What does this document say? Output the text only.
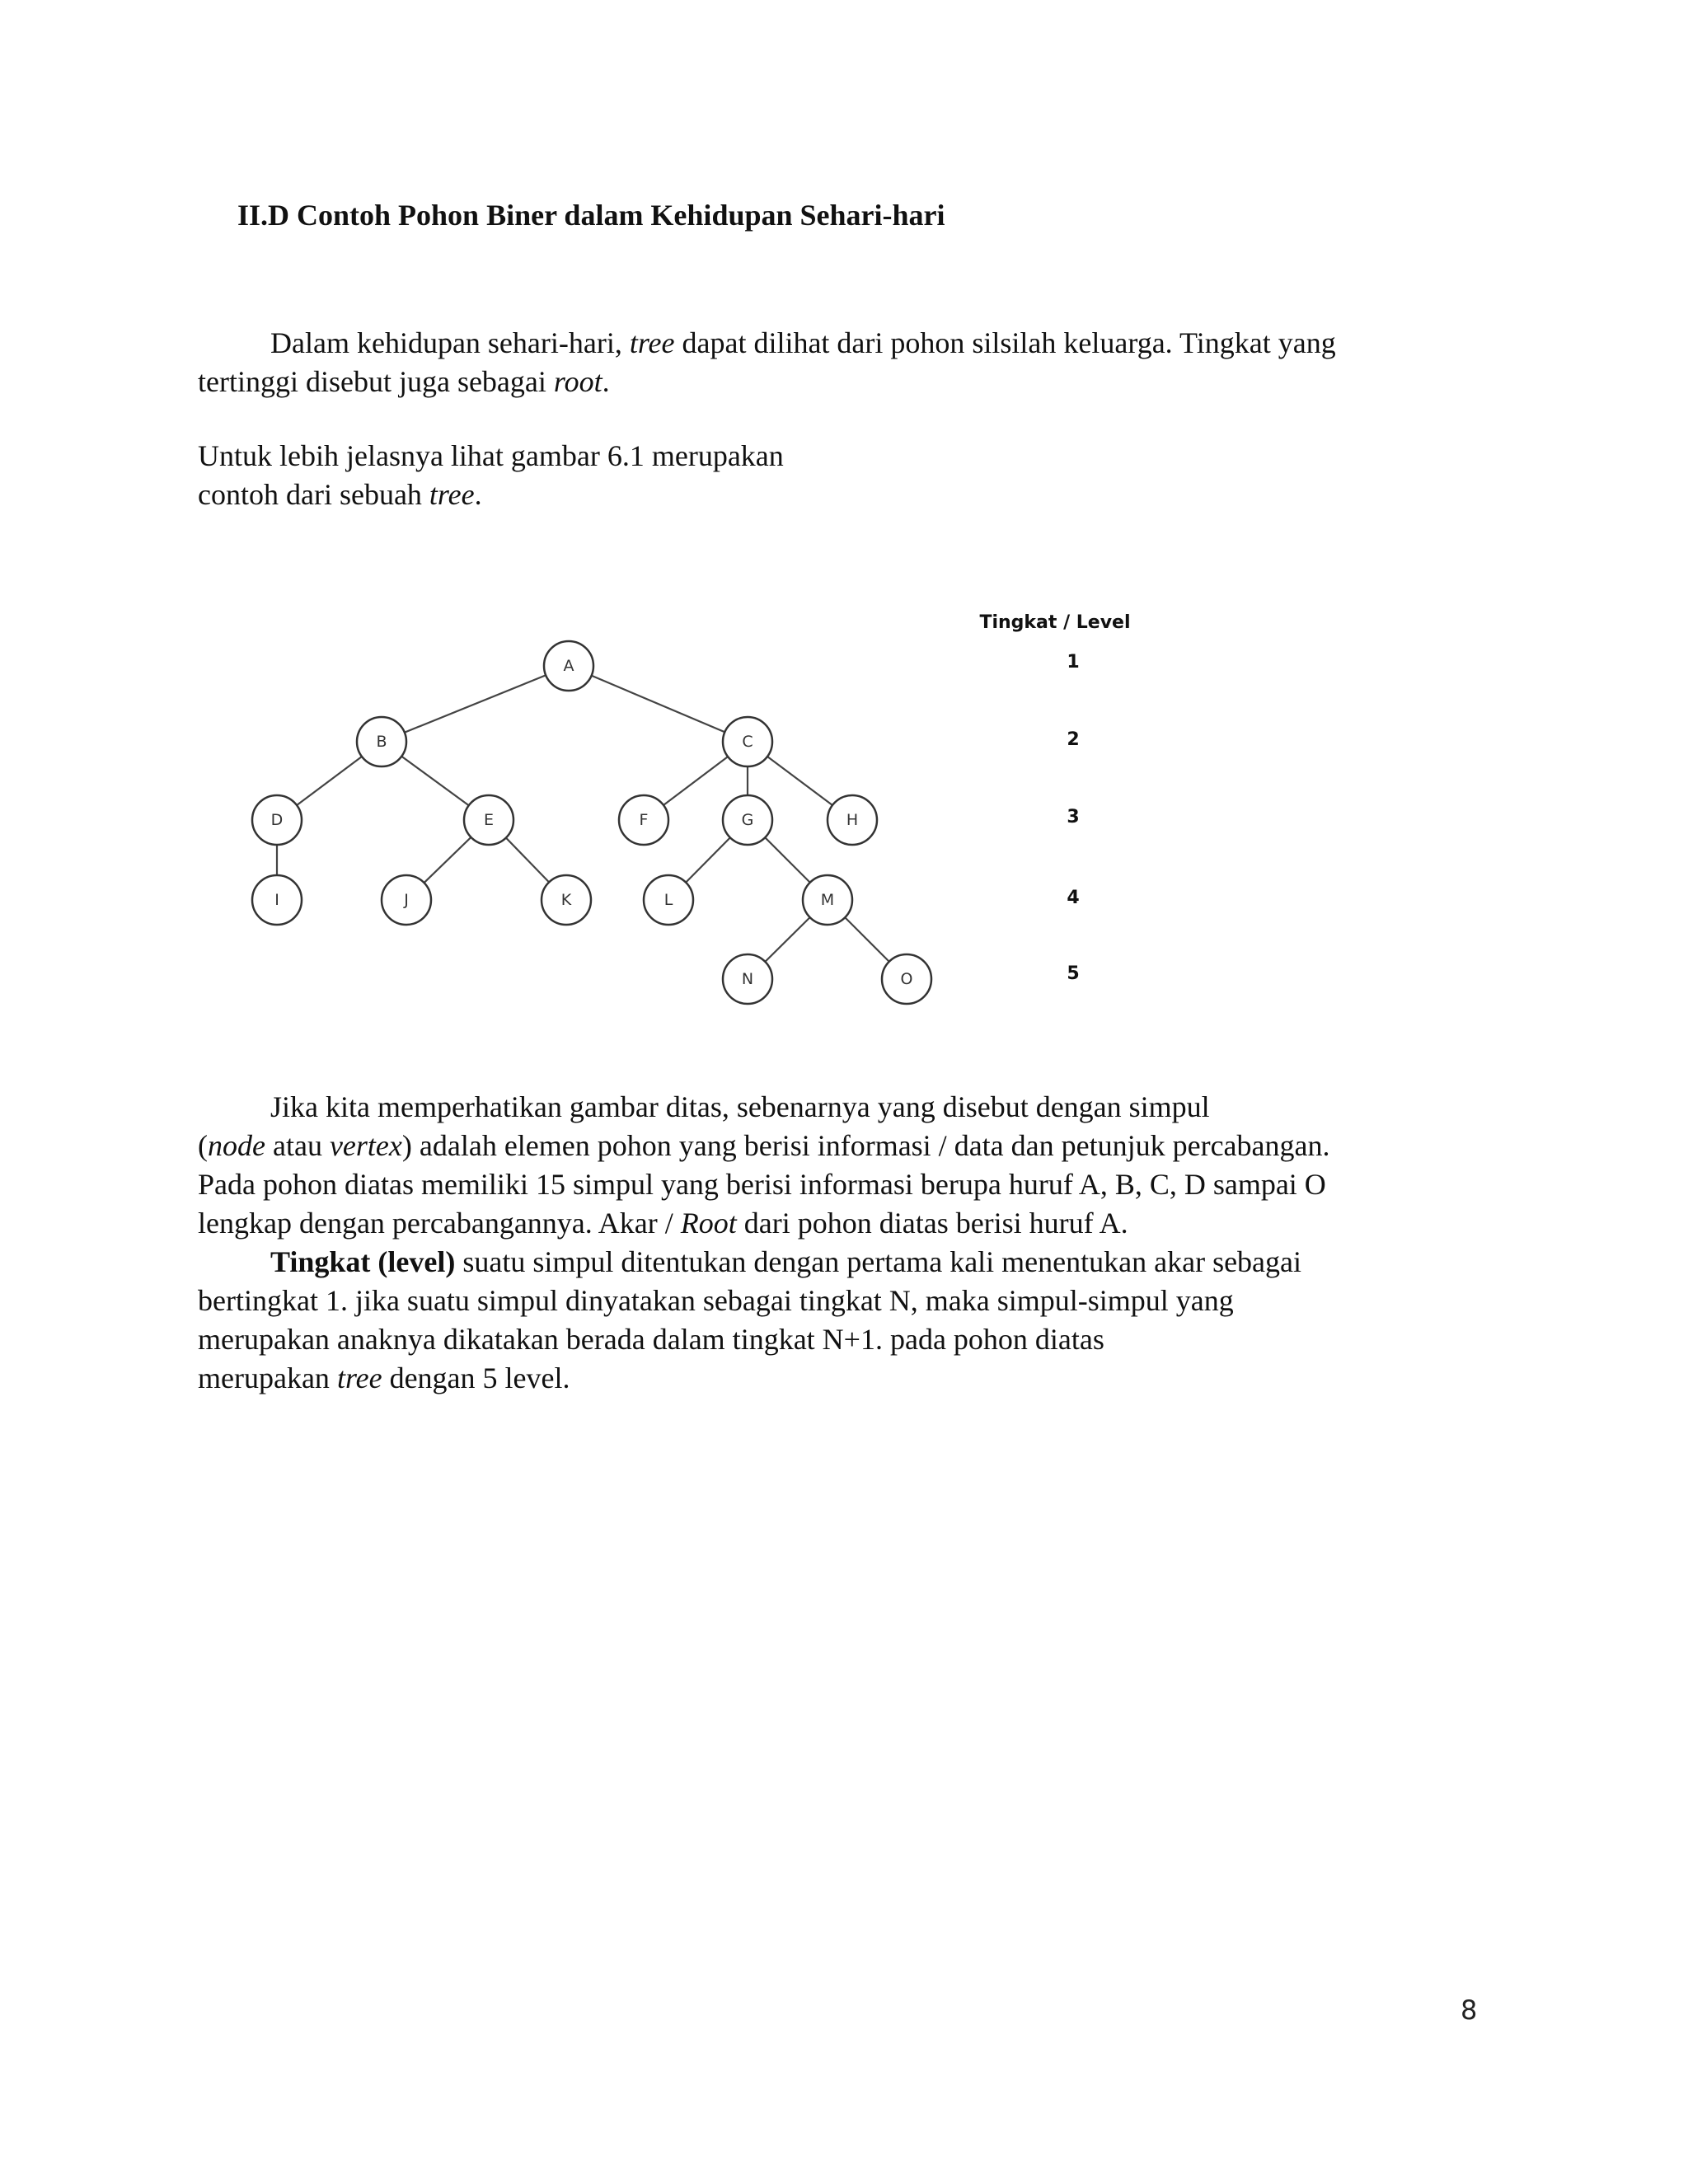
II.D Contoh Pohon Biner dalam Kehidupan Sehari-hari
Dalam kehidupan sehari-hari, tree dapat dilihat dari pohon silsilah keluarga. Tingkat yang
tertinggi disebut juga sebagai root.
Untuk lebih jelasnya lihat gambar 6.1 merupakan
contoh dari sebuah tree.
A
B	C
D	E	F	G	H
I	J	K	L	M
N	O
Tingkat / Level
1
2
3
4
5
Jika kita memperhatikan gambar ditas, sebenarnya yang disebut dengan simpul
(node atau vertex) adalah elemen pohon yang berisi informasi / data dan petunjuk percabangan.
Pada pohon diatas memiliki 15 simpul yang berisi informasi berupa huruf A, B, C, D sampai O
lengkap dengan percabangannya. Akar / Root dari pohon diatas berisi huruf A.
Tingkat (level) suatu simpul ditentukan dengan pertama kali menentukan akar sebagai
bertingkat 1. jika suatu simpul dinyatakan sebagai tingkat N, maka simpul-simpul yang
merupakan anaknya dikatakan berada dalam tingkat N+1. pada pohon diatas
merupakan tree dengan 5 level.
8
